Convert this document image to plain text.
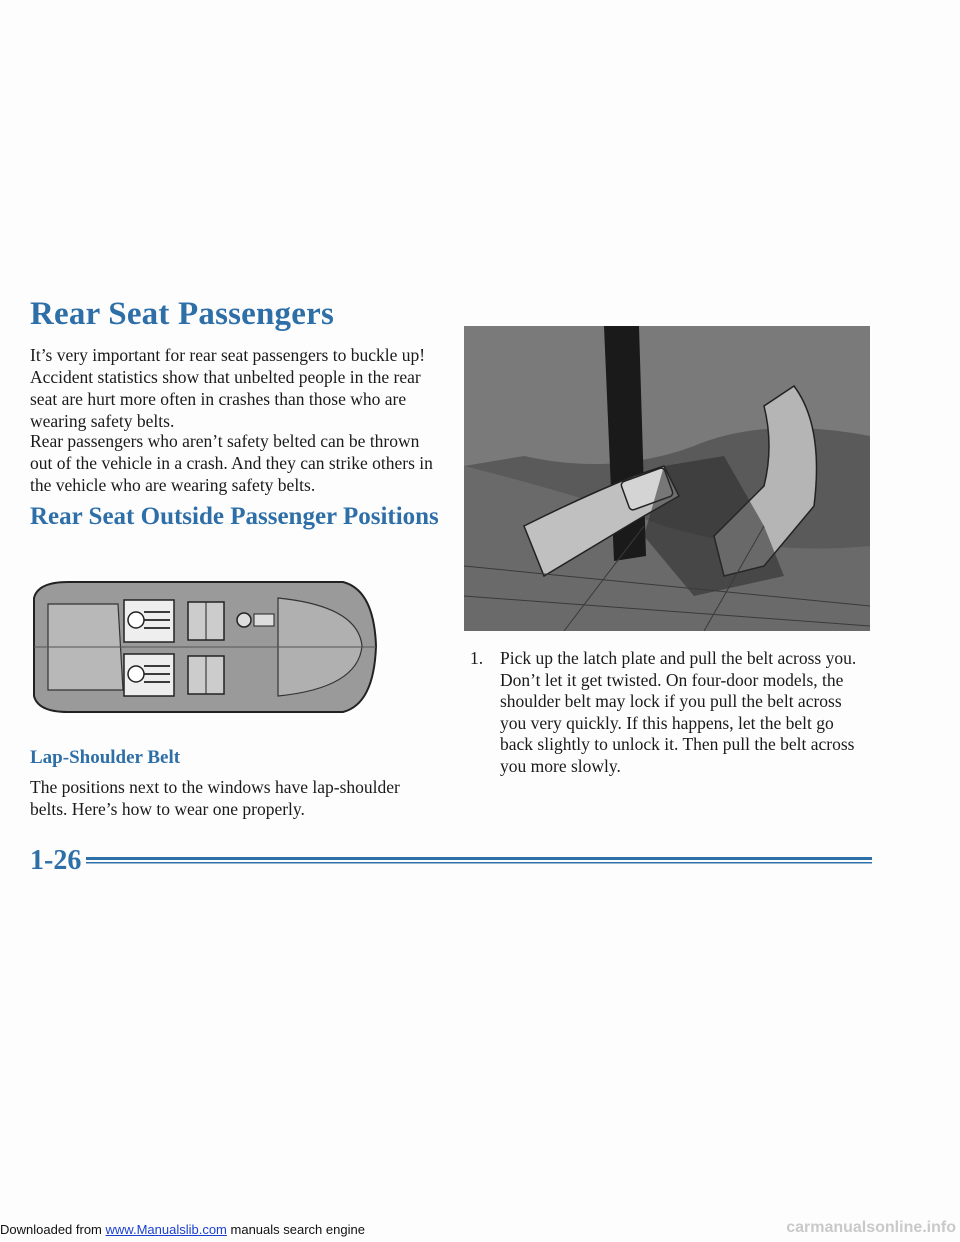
Rear Seat Passengers

It’s very important for rear seat passengers to buckle up! Accident statistics show that unbelted people in the rear seat are hurt more often in crashes than those who are wearing safety belts.

Rear passengers who aren’t safety belted can be thrown out of the vehicle in a crash. And they can strike others in the vehicle who are wearing safety belts.

Rear Seat Outside Passenger Positions
Lap-Shoulder Belt

The positions next to the windows have lap-shoulder belts. Here’s how to wear one properly.

1. Pick up the latch plate and pull the belt across you. Don’t let it get twisted. On four-door models, the shoulder belt may lock if you pull the belt across you very quickly. If this happens, let the belt go back slightly to unlock it. Then pull the belt across you more slowly.
1-26
Downloaded from www.Manualslib.com manuals search engine	carmanualsonline.info
